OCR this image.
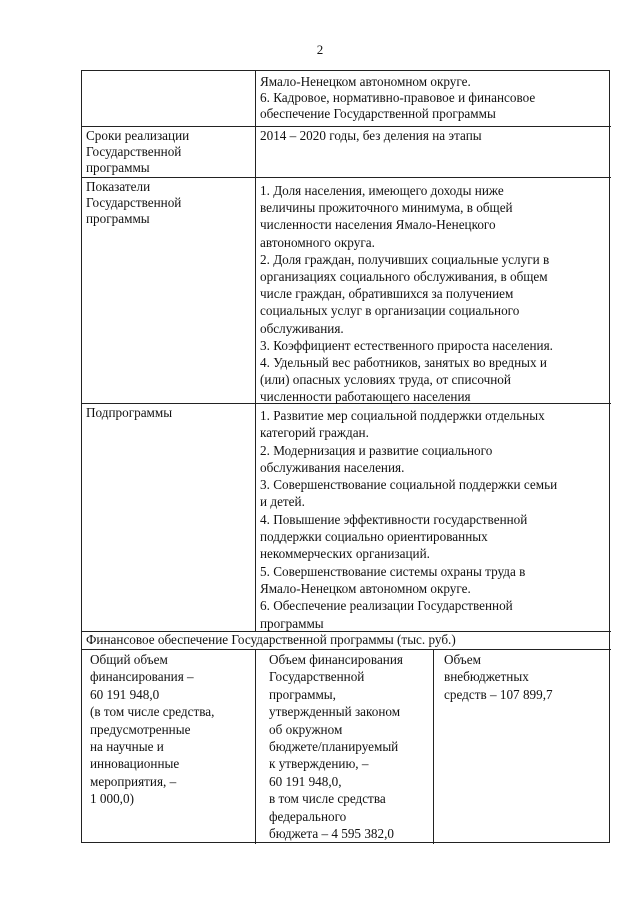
2

Ямало-Ненецком автономном округе.

6. Кадровое, нормативно-правовое и финансовое

обеспечение Государственной программы

Сроки реализации

Государственной

программы

2014 – 2020 годы, без деления на этапы

Показатели

Государственной

программы

1. Доля населения, имеющего доходы ниже

величины прожиточного минимума, в общей

численности населения Ямало-Ненецкого

автономного округа.

2. Доля граждан, получивших социальные услуги в

организациях социального обслуживания, в общем

числе граждан, обратившихся за получением

социальных услуг в организации социального

обслуживания.

3. Коэффициент естественного прироста населения.

4. Удельный вес работников, занятых во вредных и

(или) опасных условиях труда, от списочной

численности работающего населения

Подпрограммы	1. Развитие мер социальной поддержки отдельных

категорий граждан.

2. Модернизация и развитие социального

обслуживания населения.

3. Совершенствование социальной поддержки семьи

и детей.

4. Повышение эффективности государственной

поддержки социально ориентированных

некоммерческих организаций.

5. Совершенствование системы охраны труда в

Ямало-Ненецком автономном округе.

6. Обеспечение реализации Государственной

программы

Финансовое обеспечение Государственной программы (тыс. руб.)

Общий объем

финансирования –

60 191 948,0

(в том числе средства,

предусмотренные

на научные и

инновационные

мероприятия, –

1 000,0)

Объем финансирования

Государственной

программы,

утвержденный законом

об окружном

бюджете/планируемый

к утверждению, –

60 191 948,0,

в том числе средства

федерального

бюджета – 4 595 382,0

Объем

внебюджетных

средств – 107 899,7
